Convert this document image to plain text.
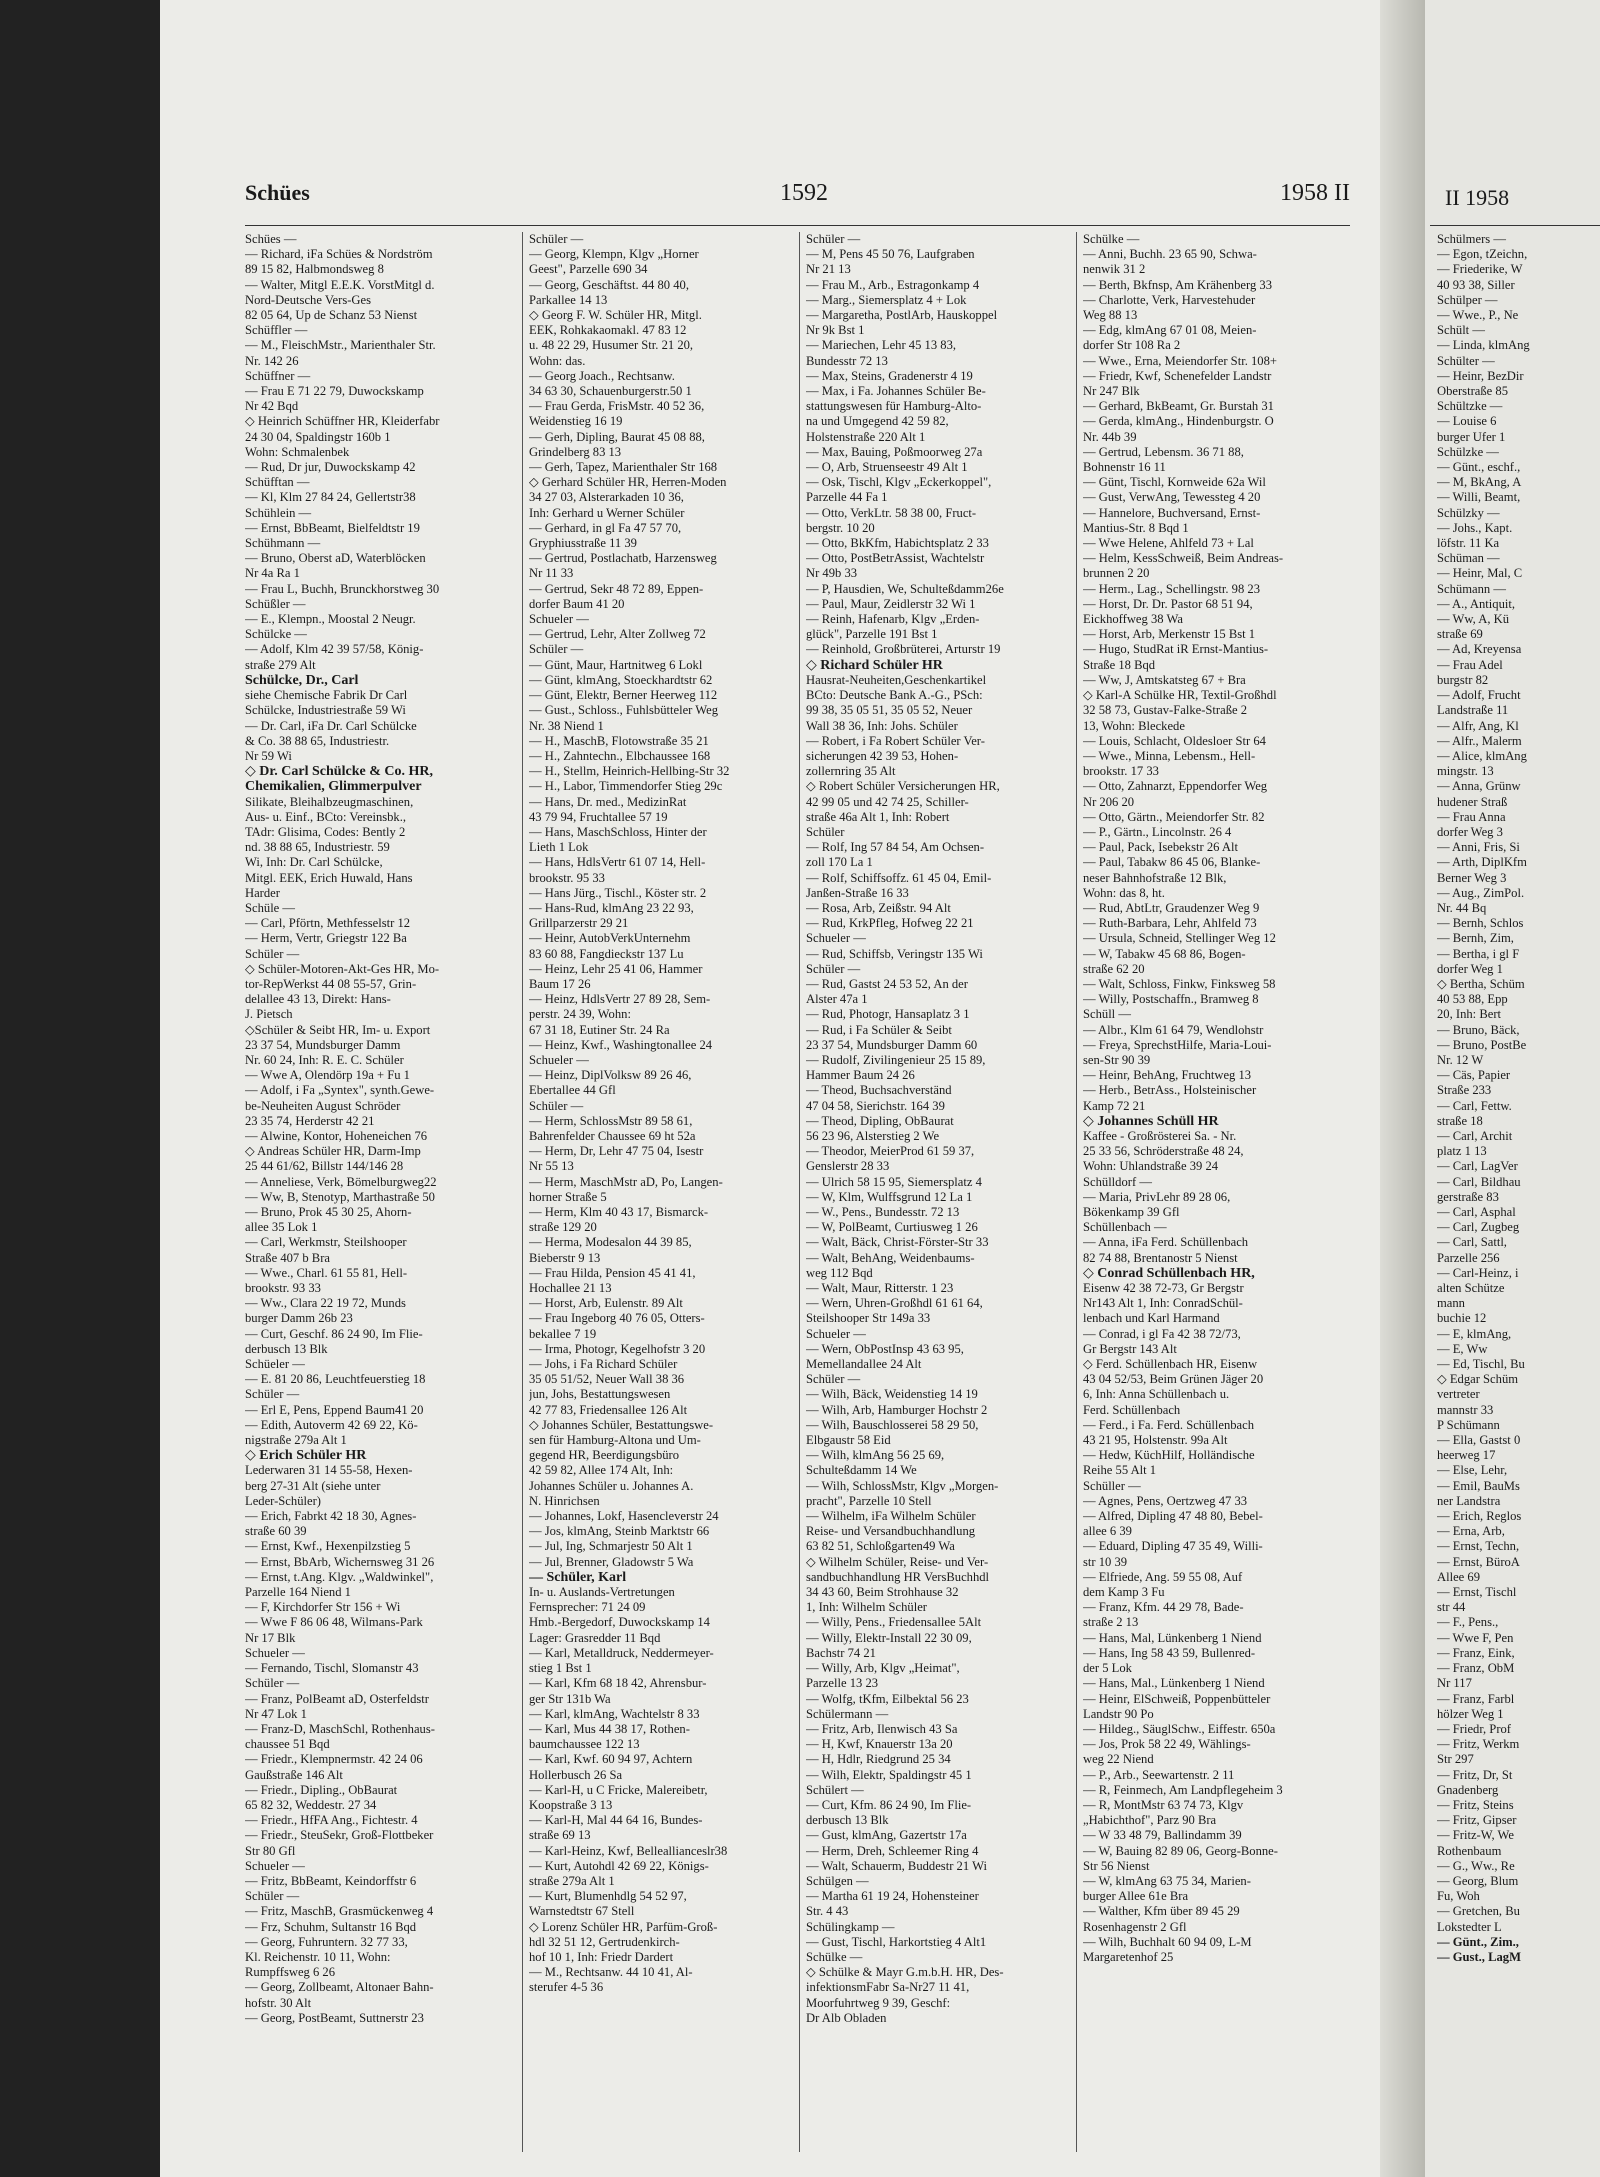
II 1958
Schülmers —
— Egon, tZeichn,
— Friederike, W
40 93 38, Siller
Schülper —
— Wwe., P., Ne
Schült —
— Linda, klmAng
Schülter —
— Heinr, BezDir
Oberstraße 85
Schültzke —
— Louise 6
burger Ufer 1
Schülzke —
— Günt., eschf.,
— M, BkAng, A
— Willi, Beamt,
Schülzky —
— Johs., Kapt.
löfstr. 11 Ka
Schüman —
— Heinr, Mal, C
Schümann —
— A., Antiquit,
— Ww, A, Kü
straße 69
— Ad, Kreyensa
— Frau Adel
burgstr 82
— Adolf, Frucht
Landstraße 11
— Alfr, Ang, Kl
— Alfr., Malerm
— Alice, klmAng
mingstr. 13
— Anna, Grünw
hudener Straß
— Frau Anna
dorfer Weg 3
— Anni, Fris, Si
— Arth, DiplKfm
Berner Weg 3
— Aug., ZimPol.
Nr. 44 Bq
— Bernh, Schlos
— Bernh, Zim,
— Bertha, i gl F
dorfer Weg 1
◇ Bertha, Schüm
40 53 88, Epp
20, Inh: Bert
— Bruno, Bäck,
— Bruno, PostBe
Nr. 12 W
— Cäs, Papier
Straße 233
— Carl, Fettw.
straße 18
— Carl, Archit
platz 1 13
— Carl, LagVer
— Carl, Bildhau
gerstraße 83
— Carl, Asphal
— Carl, Zugbeg
— Carl, Sattl,
Parzelle 256
— Carl-Heinz, i
alten Schütze
mann
buchie 12
— E, klmAng,
— E, Ww
— Ed, Tischl, Bu
◇ Edgar Schüm
vertreter
mannstr 33
P Schümann
— Ella, Gastst 0
heerweg 17
— Else, Lehr,
— Emil, BauMs
ner Landstra
— Erich, Reglos
— Erna, Arb,
— Ernst, Techn,
— Ernst, BüroA
Allee 69
— Ernst, Tischl
str 44
— F., Pens.,
— Wwe F, Pen
— Franz, Eink,
— Franz, ObM
Nr 117
— Franz, Farbl
hölzer Weg 1
— Friedr, Prof
— Fritz, Werkm
Str 297
— Fritz, Dr, St
Gnadenberg
— Fritz, Steins
— Fritz, Gipser
— Fritz-W, We
Rothenbaum
— G., Ww., Re
— Georg, Blum
Fu, Woh
— Gretchen, Bu
Lokstedter L
— Günt., Zim.,
— Gust., LagM
Schües	1592	1958 II
Schües —
— Richard, iFa Schües & Nordström
89 15 82, Halbmondsweg 8
— Walter, Mitgl E.E.K. VorstMitgl d.
Nord-Deutsche Vers-Ges
82 05 64, Up de Schanz 53 Nienst
Schüffler —
— M., FleischMstr., Marienthaler Str.
Nr. 142 26
Schüffner —
— Frau E 71 22 79, Duwockskamp
Nr 42 Bqd
◇ Heinrich Schüffner HR, Kleiderfabr
24 30 04, Spaldingstr 160b 1
Wohn: Schmalenbek
— Rud, Dr jur, Duwockskamp 42
Schüfftan —
— Kl, Klm 27 84 24, Gellertstr38
Schühlein —
— Ernst, BbBeamt, Bielfeldtstr 19
Schühmann —
— Bruno, Oberst aD, Waterblöcken
Nr 4a Ra 1
— Frau L, Buchh, Brunckhorstweg 30
Schüßler —
— E., Klempn., Moostal 2 Neugr.
Schülcke —
— Adolf, Klm 42 39 57/58, König-
straße 279 Alt
Schülcke, Dr., Carl
siehe Chemische Fabrik Dr Carl
Schülcke, Industriestraße 59 Wi
— Dr. Carl, iFa Dr. Carl Schülcke
& Co. 38 88 65, Industriestr.
Nr 59 Wi
◇ Dr. Carl Schülcke & Co. HR,
Chemikalien, Glimmerpulver
Silikate, Bleihalbzeugmaschinen,
Aus- u. Einf., BCto: Vereinsbk.,
TAdr: Glisima, Codes: Bently 2
nd. 38 88 65, Industriestr. 59
Wi, Inh: Dr. Carl Schülcke,
Mitgl. EEK, Erich Huwald, Hans
Harder
Schüle —
— Carl, Pförtn, Methfesselstr 12
— Herm, Vertr, Griegstr 122 Ba
Schüler —
◇ Schüler-Motoren-Akt-Ges HR, Mo-
tor-RepWerkst 44 08 55-57, Grin-
delallee 43 13, Direkt: Hans-
J. Pietsch
◇Schüler & Seibt HR, Im- u. Export
23 37 54, Mundsburger Damm
Nr. 60 24, Inh: R. E. C. Schüler
— Wwe A, Olendörp 19a + Fu 1
— Adolf, i Fa „Syntex", synth.Gewe-
be-Neuheiten August Schröder
23 35 74, Herderstr 42 21
— Alwine, Kontor, Hoheneichen 76
◇ Andreas Schüler HR, Darm-Imp
25 44 61/62, Billstr 144/146 28
— Anneliese, Verk, Bömelburgweg22
— Ww, B, Stenotyp, Marthastraße 50
— Bruno, Prok 45 30 25, Ahorn-
allee 35 Lok 1
— Carl, Werkmstr, Steilshooper
Straße 407 b Bra
— Wwe., Charl. 61 55 81, Hell-
brookstr. 93 33
— Ww., Clara 22 19 72, Munds
burger Damm 26b 23
— Curt, Geschf. 86 24 90, Im Flie-
derbusch 13 Blk
Schüeler —
— E. 81 20 86, Leuchtfeuerstieg 18
Schüler —
— Erl E, Pens, Eppend Baum41 20
— Edith, Autoverm 42 69 22, Kö-
nigstraße 279a Alt 1
◇ Erich Schüler HR
Lederwaren 31 14 55-58, Hexen-
berg 27-31 Alt (siehe unter
Leder-Schüler)
— Erich, Fabrkt 42 18 30, Agnes-
straße 60 39
— Ernst, Kwf., Hexenpilzstieg 5
— Ernst, BbArb, Wichernsweg 31 26
— Ernst, t.Ang. Klgv. „Waldwinkel",
Parzelle 164 Niend 1
— F, Kirchdorfer Str 156 + Wi
— Wwe F 86 06 48, Wilmans-Park
Nr 17 Blk
Schueler —
— Fernando, Tischl, Slomanstr 43
Schüler —
— Franz, PolBeamt aD, Osterfeldstr
Nr 47 Lok 1
— Franz-D, MaschSchl, Rothenhaus-
chaussee 51 Bqd
— Friedr., Klempnermstr. 42 24 06
Gaußstraße 146 Alt
— Friedr., Dipling., ObBaurat
65 82 32, Weddestr. 27 34
— Friedr., HfFA Ang., Fichtestr. 4
— Friedr., SteuSekr, Groß-Flottbeker
Str 80 Gfl
Schueler —
— Fritz, BbBeamt, Keindorffstr 6
Schüler —
— Fritz, MaschB, Grasmückenweg 4
— Frz, Schuhm, Sultanstr 16 Bqd
— Georg, Fuhruntern. 32 77 33,
Kl. Reichenstr. 10 11, Wohn:
Rumpffsweg 6 26
— Georg, Zollbeamt, Altonaer Bahn-
hofstr. 30 Alt
— Georg, PostBeamt, Suttnerstr 23
Schüler —
— Georg, Klempn, Klgv „Horner
Geest", Parzelle 690 34
— Georg, Geschäftst. 44 80 40,
Parkallee 14 13
◇ Georg F. W. Schüler HR, Mitgl.
EEK, Rohkakaomakl. 47 83 12
u. 48 22 29, Husumer Str. 21 20,
Wohn: das.
— Georg Joach., Rechtsanw.
34 63 30, Schauenburgerstr.50 1
— Frau Gerda, FrisMstr. 40 52 36,
Weidenstieg 16 19
— Gerh, Dipling, Baurat 45 08 88,
Grindelberg 83 13
— Gerh, Tapez, Marienthaler Str 168
◇ Gerhard Schüler HR, Herren-Moden
34 27 03, Alsterarkaden 10 36,
Inh: Gerhard u Werner Schüler
— Gerhard, in gl Fa 47 57 70,
Gryphiusstraße 11 39
— Gertrud, Postlachatb, Harzensweg
Nr 11 33
— Gertrud, Sekr 48 72 89, Eppen-
dorfer Baum 41 20
Schueler —
— Gertrud, Lehr, Alter Zollweg 72
Schüler —
— Günt, Maur, Hartnitweg 6 Lokl
— Günt, klmAng, Stoeckhardtstr 62
— Günt, Elektr, Berner Heerweg 112
— Gust., Schloss., Fuhlsbütteler Weg
Nr. 38 Niend 1
— H., MaschB, Flotowstraße 35 21
— H., Zahntechn., Elbchaussee 168
— H., Stellm, Heinrich-Hellbing-Str 32
— H., Labor, Timmendorfer Stieg 29c
— Hans, Dr. med., MedizinRat
43 79 94, Fruchtallee 57 19
— Hans, MaschSchloss, Hinter der
Lieth 1 Lok
— Hans, HdlsVertr 61 07 14, Hell-
brookstr. 95 33
— Hans Jürg., Tischl., Köster str. 2
— Hans-Rud, klmAng 23 22 93,
Grillparzerstr 29 21
— Heinr, AutobVerkUnternehm
83 60 88, Fangdieckstr 137 Lu
— Heinz, Lehr 25 41 06, Hammer
Baum 17 26
— Heinz, HdlsVertr 27 89 28, Sem-
perstr. 24 39, Wohn:
67 31 18, Eutiner Str. 24 Ra
— Heinz, Kwf., Washingtonallee 24
Schueler —
— Heinz, DiplVolksw 89 26 46,
Ebertallee 44 Gfl
Schüler —
— Herm, SchlossMstr 89 58 61,
Bahrenfelder Chaussee 69 ht 52a
— Herm, Dr, Lehr 47 75 04, Isestr
Nr 55 13
— Herm, MaschMstr aD, Po, Langen-
horner Straße 5
— Herm, Klm 40 43 17, Bismarck-
straße 129 20
— Herma, Modesalon 44 39 85,
Bieberstr 9 13
— Frau Hilda, Pension 45 41 41,
Hochallee 21 13
— Horst, Arb, Eulenstr. 89 Alt
— Frau Ingeborg 40 76 05, Otters-
bekallee 7 19
— Irma, Photogr, Kegelhofstr 3 20
— Johs, i Fa Richard Schüler
35 05 51/52, Neuer Wall 38 36
jun, Johs, Bestattungswesen
42 77 83, Friedensallee 126 Alt
◇ Johannes Schüler, Bestattungswe-
sen für Hamburg-Altona und Um-
gegend HR, Beerdigungsbüro
42 59 82, Allee 174 Alt, Inh:
Johannes Schüler u. Johannes A.
N. Hinrichsen
— Johannes, Lokf, Hasencleverstr 24
— Jos, klmAng, Steinb Marktstr 66
— Jul, Ing, Schmarjestr 50 Alt 1
— Jul, Brenner, Gladowstr 5 Wa
— Schüler, Karl
In- u. Auslands-Vertretungen
Fernsprecher: 71 24 09
Hmb.-Bergedorf, Duwockskamp 14
Lager: Grasredder 11 Bqd
— Karl, Metalldruck, Neddermeyer-
stieg 1 Bst 1
— Karl, Kfm 68 18 42, Ahrensbur-
ger Str 131b Wa
— Karl, klmAng, Wachtelstr 8 33
— Karl, Mus 44 38 17, Rothen-
baumchaussee 122 13
— Karl, Kwf. 60 94 97, Achtern
Hollerbusch 26 Sa
— Karl-H, u C Fricke, Malereibetr,
Koopstraße 3 13
— Karl-H, Mal 44 64 16, Bundes-
straße 69 13
— Karl-Heinz, Kwf, Belleallianceslr38
— Kurt, Autohdl 42 69 22, Königs-
straße 279a Alt 1
— Kurt, Blumenhdlg 54 52 97,
Warnstedtstr 67 Stell
◇ Lorenz Schüler HR, Parfüm-Groß-
hdl 32 51 12, Gertrudenkirch-
hof 10 1, Inh: Friedr Dardert
— M., Rechtsanw. 44 10 41, Al-
sterufer 4-5 36
Schüler —
— M, Pens 45 50 76, Laufgraben
Nr 21 13
— Frau M., Arb., Estragonkamp 4
— Marg., Siemersplatz 4 + Lok
— Margaretha, PostlArb, Hauskoppel
Nr 9k Bst 1
— Mariechen, Lehr 45 13 83,
Bundesstr 72 13
— Max, Steins, Gradenerstr 4 19
— Max, i Fa. Johannes Schüler Be-
stattungswesen für Hamburg-Alto-
na und Umgegend 42 59 82,
Holstenstraße 220 Alt 1
— Max, Bauing, Poßmoorweg 27a
— O, Arb, Struenseestr 49 Alt 1
— Osk, Tischl, Klgv „Eckerkoppel",
Parzelle 44 Fa 1
— Otto, VerkLtr. 58 38 00, Fruct-
bergstr. 10 20
— Otto, BkKfm, Habichtsplatz 2 33
— Otto, PostBetrAssist, Wachtelstr
Nr 49b 33
— P, Hausdien, We, Schulteßdamm26e
— Paul, Maur, Zeidlerstr 32 Wi 1
— Reinh, Hafenarb, Klgv „Erden-
glück", Parzelle 191 Bst 1
— Reinhold, Großbrüterei, Arturstr 19
◇ Richard Schüler HR
Hausrat-Neuheiten,Geschenkartikel
BCto: Deutsche Bank A.-G., PSch:
99 38, 35 05 51, 35 05 52, Neuer
Wall 38 36, Inh: Johs. Schüler
— Robert, i Fa Robert Schüler Ver-
sicherungen 42 39 53, Hohen-
zollernring 35 Alt
◇ Robert Schüler Versicherungen HR,
42 99 05 und 42 74 25, Schiller-
straße 46a Alt 1, Inh: Robert
Schüler
— Rolf, Ing 57 84 54, Am Ochsen-
zoll 170 La 1
— Rolf, Schiffsoffz. 61 45 04, Emil-
Janßen-Straße 16 33
— Rosa, Arb, Zeißstr. 94 Alt
— Rud, KrkPfleg, Hofweg 22 21
Schueler —
— Rud, Schiffsb, Veringstr 135 Wi
Schüler —
— Rud, Gastst 24 53 52, An der
Alster 47a 1
— Rud, Photogr, Hansaplatz 3 1
— Rud, i Fa Schüler & Seibt
23 37 54, Mundsburger Damm 60
— Rudolf, Zivilingenieur 25 15 89,
Hammer Baum 24 26
— Theod, Buchsachverständ
47 04 58, Sierichstr. 164 39
— Theod, Dipling, ObBaurat
56 23 96, Alsterstieg 2 We
— Theodor, MeierProd 61 59 37,
Genslerstr 28 33
— Ulrich 58 15 95, Siemersplatz 4
— W, Klm, Wulffsgrund 12 La 1
— W., Pens., Bundesstr. 72 13
— W, PolBeamt, Curtiusweg 1 26
— Walt, Bäck, Christ-Förster-Str 33
— Walt, BehAng, Weidenbaums-
weg 112 Bqd
— Walt, Maur, Ritterstr. 1 23
— Wern, Uhren-Großhdl 61 61 64,
Steilshooper Str 149a 33
Schueler —
— Wern, ObPostInsp 43 63 95,
Memellandallee 24 Alt
Schüler —
— Wilh, Bäck, Weidenstieg 14 19
— Wilh, Arb, Hamburger Hochstr 2
— Wilh, Bauschlosserei 58 29 50,
Elbgaustr 58 Eid
— Wilh, klmAng 56 25 69,
Schulteßdamm 14 We
— Wilh, SchlossMstr, Klgv „Morgen-
pracht", Parzelle 10 Stell
— Wilhelm, iFa Wilhelm Schüler
Reise- und Versandbuchhandlung
63 82 51, Schloßgarten49 Wa
◇ Wilhelm Schüler, Reise- und Ver-
sandbuchhandlung HR VersBuchhdl
34 43 60, Beim Strohhause 32
1, Inh: Wilhelm Schüler
— Willy, Pens., Friedensallee 5Alt
— Willy, Elektr-Install 22 30 09,
Bachstr 74 21
— Willy, Arb, Klgv „Heimat",
Parzelle 13 23
— Wolfg, tKfm, Eilbektal 56 23
Schülermann —
— Fritz, Arb, Ilenwisch 43 Sa
— H, Kwf, Knauerstr 13a 20
— H, Hdlr, Riedgrund 25 34
— Wilh, Elektr, Spaldingstr 45 1
Schülert —
— Curt, Kfm. 86 24 90, Im Flie-
derbusch 13 Blk
— Gust, klmAng, Gazertstr 17a
— Herm, Dreh, Schleemer Ring 4
— Walt, Schauerm, Buddestr 21 Wi
Schülgen —
— Martha 61 19 24, Hohensteiner
Str. 4 43
Schülingkamp —
— Gust, Tischl, Harkortstieg 4 Alt1
Schülke —
◇ Schülke & Mayr G.m.b.H. HR, Des-
infektionsmFabr Sa-Nr27 11 41,
Moorfuhrtweg 9 39, Geschf:
Dr Alb Obladen
Schülke —
— Anni, Buchh. 23 65 90, Schwa-
nenwik 31 2
— Berth, Bkfnsp, Am Krähenberg 33
— Charlotte, Verk, Harvestehuder
Weg 88 13
— Edg, klmAng 67 01 08, Meien-
dorfer Str 108 Ra 2
— Wwe., Erna, Meiendorfer Str. 108+
— Friedr, Kwf, Schenefelder Landstr
Nr 247 Blk
— Gerhard, BkBeamt, Gr. Burstah 31
— Gerda, klmAng., Hindenburgstr. O
Nr. 44b 39
— Gertrud, Lebensm. 36 71 88,
Bohnenstr 16 11
— Günt, Tischl, Kornweide 62a Wil
— Gust, VerwAng, Tewessteg 4 20
— Hannelore, Buchversand, Ernst-
Mantius-Str. 8 Bqd 1
— Wwe Helene, Ahlfeld 73 + Lal
— Helm, KessSchweiß, Beim Andreas-
brunnen 2 20
— Herm., Lag., Schellingstr. 98 23
— Horst, Dr. Dr. Pastor 68 51 94,
Eickhoffweg 38 Wa
— Horst, Arb, Merkenstr 15 Bst 1
— Hugo, StudRat iR Ernst-Mantius-
Straße 18 Bqd
— Ww, J, Amtskatsteg 67 + Bra
◇ Karl-A Schülke HR, Textil-Großhdl
32 58 73, Gustav-Falke-Straße 2
13, Wohn: Bleckede
— Louis, Schlacht, Oldesloer Str 64
— Wwe., Minna, Lebensm., Hell-
brookstr. 17 33
— Otto, Zahnarzt, Eppendorfer Weg
Nr 206 20
— Otto, Gärtn., Meiendorfer Str. 82
— P., Gärtn., Lincolnstr. 26 4
— Paul, Pack, Isebekstr 26 Alt
— Paul, Tabakw 86 45 06, Blanke-
neser Bahnhofstraße 12 Blk,
Wohn: das 8, ht.
— Rud, AbtLtr, Graudenzer Weg 9
— Ruth-Barbara, Lehr, Ahlfeld 73
— Ursula, Schneid, Stellinger Weg 12
— W, Tabakw 45 68 86, Bogen-
straße 62 20
— Walt, Schloss, Finkw, Finksweg 58
— Willy, Postschaffn., Bramweg 8
Schüll —
— Albr., Klm 61 64 79, Wendlohstr
— Freya, SprechstHilfe, Maria-Loui-
sen-Str 90 39
— Heinr, BehAng, Fruchtweg 13
— Herb., BetrAss., Holsteinischer
Kamp 72 21
◇ Johannes Schüll HR
Kaffee - Großrösterei Sa. - Nr.
25 33 56, Schröderstraße 48 24,
Wohn: Uhlandstraße 39 24
Schülldorf —
— Maria, PrivLehr 89 28 06,
Bökenkamp 39 Gfl
Schüllenbach —
— Anna, iFa Ferd. Schüllenbach
82 74 88, Brentanostr 5 Nienst
◇ Conrad Schüllenbach HR,
Eisenw 42 38 72-73, Gr Bergstr
Nr143 Alt 1, Inh: ConradSchül-
lenbach und Karl Harmand
— Conrad, i gl Fa 42 38 72/73,
Gr Bergstr 143 Alt
◇ Ferd. Schüllenbach HR, Eisenw
43 04 52/53, Beim Grünen Jäger 20
6, Inh: Anna Schüllenbach u.
Ferd. Schüllenbach
— Ferd., i Fa. Ferd. Schüllenbach
43 21 95, Holstenstr. 99a Alt
— Hedw, KüchHilf, Holländische
Reihe 55 Alt 1
Schüller —
— Agnes, Pens, Oertzweg 47 33
— Alfred, Dipling 47 48 80, Bebel-
allee 6 39
— Eduard, Dipling 47 35 49, Willi-
str 10 39
— Elfriede, Ang. 59 55 08, Auf
dem Kamp 3 Fu
— Franz, Kfm. 44 29 78, Bade-
straße 2 13
— Hans, Mal, Lünkenberg 1 Niend
— Hans, Ing 58 43 59, Bullenred-
der 5 Lok
— Hans, Mal., Lünkenberg 1 Niend
— Heinr, ElSchweiß, Poppenbütteler
Landstr 90 Po
— Hildeg., SäuglSchw., Eiffestr. 650a
— Jos, Prok 58 22 49, Wählings-
weg 22 Niend
— P., Arb., Seewartenstr. 2 11
— R, Feinmech, Am Landpflegeheim 3
— R, MontMstr 63 74 73, Klgv
„Habichthof", Parz 90 Bra
— W 33 48 79, Ballindamm 39
— W, Bauing 82 89 06, Georg-Bonne-
Str 56 Nienst
— W, klmAng 63 75 34, Marien-
burger Allee 61e Bra
— Walther, Kfm über 89 45 29
Rosenhagenstr 2 Gfl
— Wilh, Buchhalt 60 94 09, L-M
Margaretenhof 25
